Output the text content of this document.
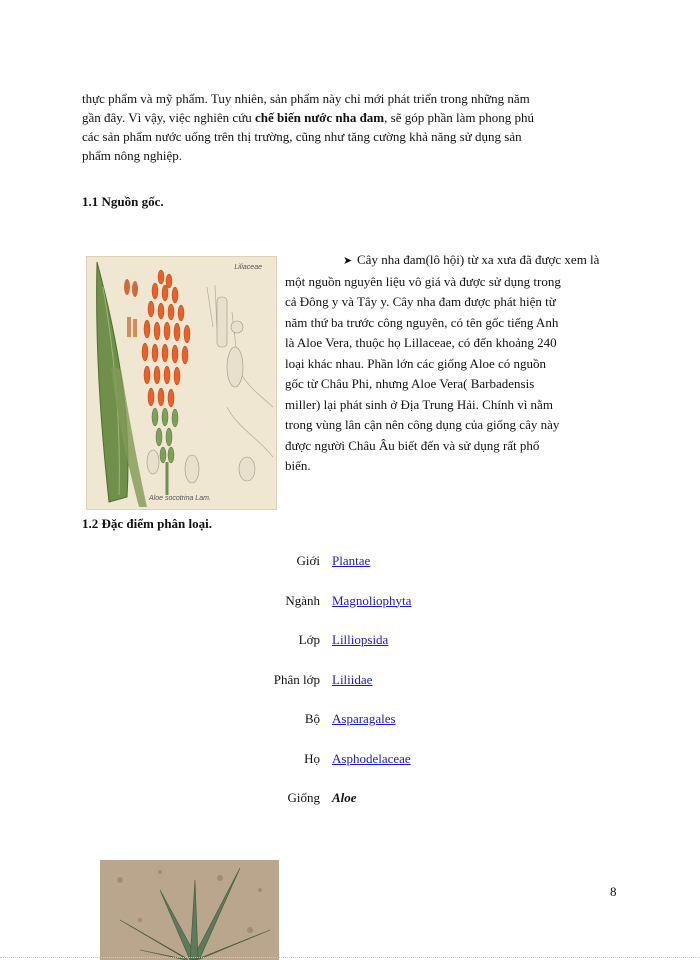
thực phẩm và mỹ phẩm. Tuy nhiên, sản phẩm này chỉ mới phát triển trong những năm
gần đây. Vì vậy, việc nghiên cứu chế biến nước nha đam, sẽ góp phần làm phong phú
các sản phẩm nước uống trên thị trường, cũng như tăng cường khả năng sử dụng sản
phẩm nông nghiệp.
1.1 Nguồn gốc.
Liliaceae
Aloe socotrina Lam.
➤ Cây nha đam(lô hội) từ xa xưa đã được xem là
một nguồn nguyên liệu vô giá và được sử dụng trong
cả Đông y và Tây y. Cây nha đam được phát hiện từ
năm thứ ba trước công nguyên, có tên gốc tiếng Anh
là Aloe Vera, thuộc họ Lillaceae, có đến khoảng 240
loại khác nhau. Phần lớn các giống Aloe có nguồn
gốc từ Châu Phi, nhưng Aloe Vera( Barbadensis
miller) lại phát sinh ở Địa Trung Hải. Chính vì nằm
trong vùng lân cận nên công dụng của giống cây này
được người Châu Âu biết đến và sử dụng rất phổ
biến.
1.2 Đặc điểm phân loại.
Giới	Plantae
Ngành	Magnoliophyta
Lớp	Lilliopsida
Phân lớp	Liliidae
Bộ	Asparagales
Họ	Asphodelaceae
Giống	Aloe
8
